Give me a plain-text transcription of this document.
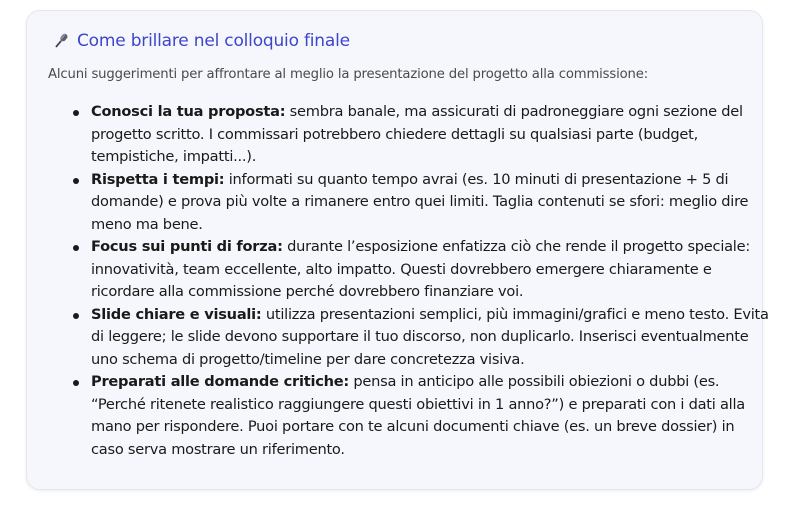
Come brillare nel colloquio finale
Alcuni suggerimenti per affrontare al meglio la presentazione del progetto alla commissione:
Conosci la tua proposta: sembra banale, ma assicurati di padroneggiare ogni sezione del progetto scritto. I commissari potrebbero chiedere dettagli su qualsiasi parte (budget, tempistiche, impatti...).
Rispetta i tempi: informati su quanto tempo avrai (es. 10 minuti di presentazione + 5 di domande) e prova più volte a rimanere entro quei limiti. Taglia contenuti se sfori: meglio dire meno ma bene.
Focus sui punti di forza: durante l’esposizione enfatizza ciò che rende il progetto speciale: innovatività, team eccellente, alto impatto. Questi dovrebbero emergere chiaramente e ricordare alla commissione perché dovrebbero finanziare voi.
Slide chiare e visuali: utilizza presentazioni semplici, più immagini/grafici e meno testo. Evita di leggere; le slide devono supportare il tuo discorso, non duplicarlo. Inserisci eventualmente uno schema di progetto/timeline per dare concretezza visiva.
Preparati alle domande critiche: pensa in anticipo alle possibili obiezioni o dubbi (es. “Perché ritenete realistico raggiungere questi obiettivi in 1 anno?”) e preparati con i dati alla mano per rispondere. Puoi portare con te alcuni documenti chiave (es. un breve dossier) in caso serva mostrare un riferimento.
